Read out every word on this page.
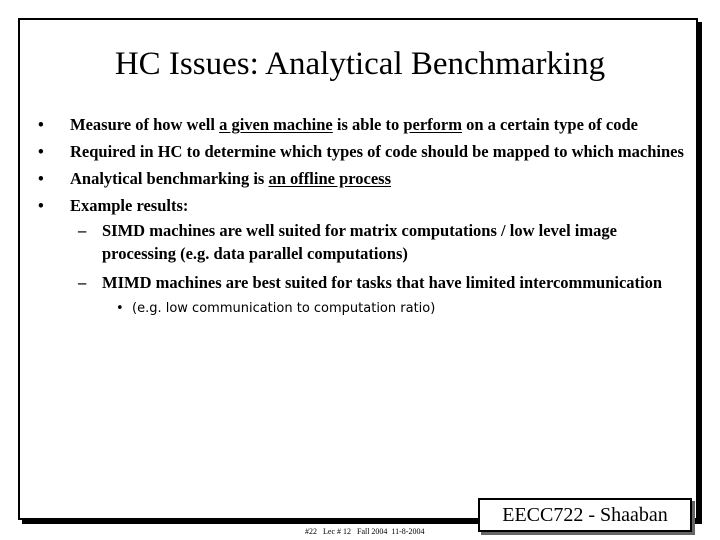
HC Issues: Analytical Benchmarking
• Measure of how well a given machine is able to perform on a certain type of code
• Required in HC to determine which types of code should be mapped to which machines
• Analytical benchmarking is an offline process
• Example results:
– SIMD machines are well suited for matrix computations / low level image processing (e.g. data parallel computations)
– MIMD machines are best suited for tasks that have limited intercommunication
• (e.g. low communication to computation ratio)
#22   Lec # 12   Fall 2004  11-8-2004
EECC722 - Shaaban
